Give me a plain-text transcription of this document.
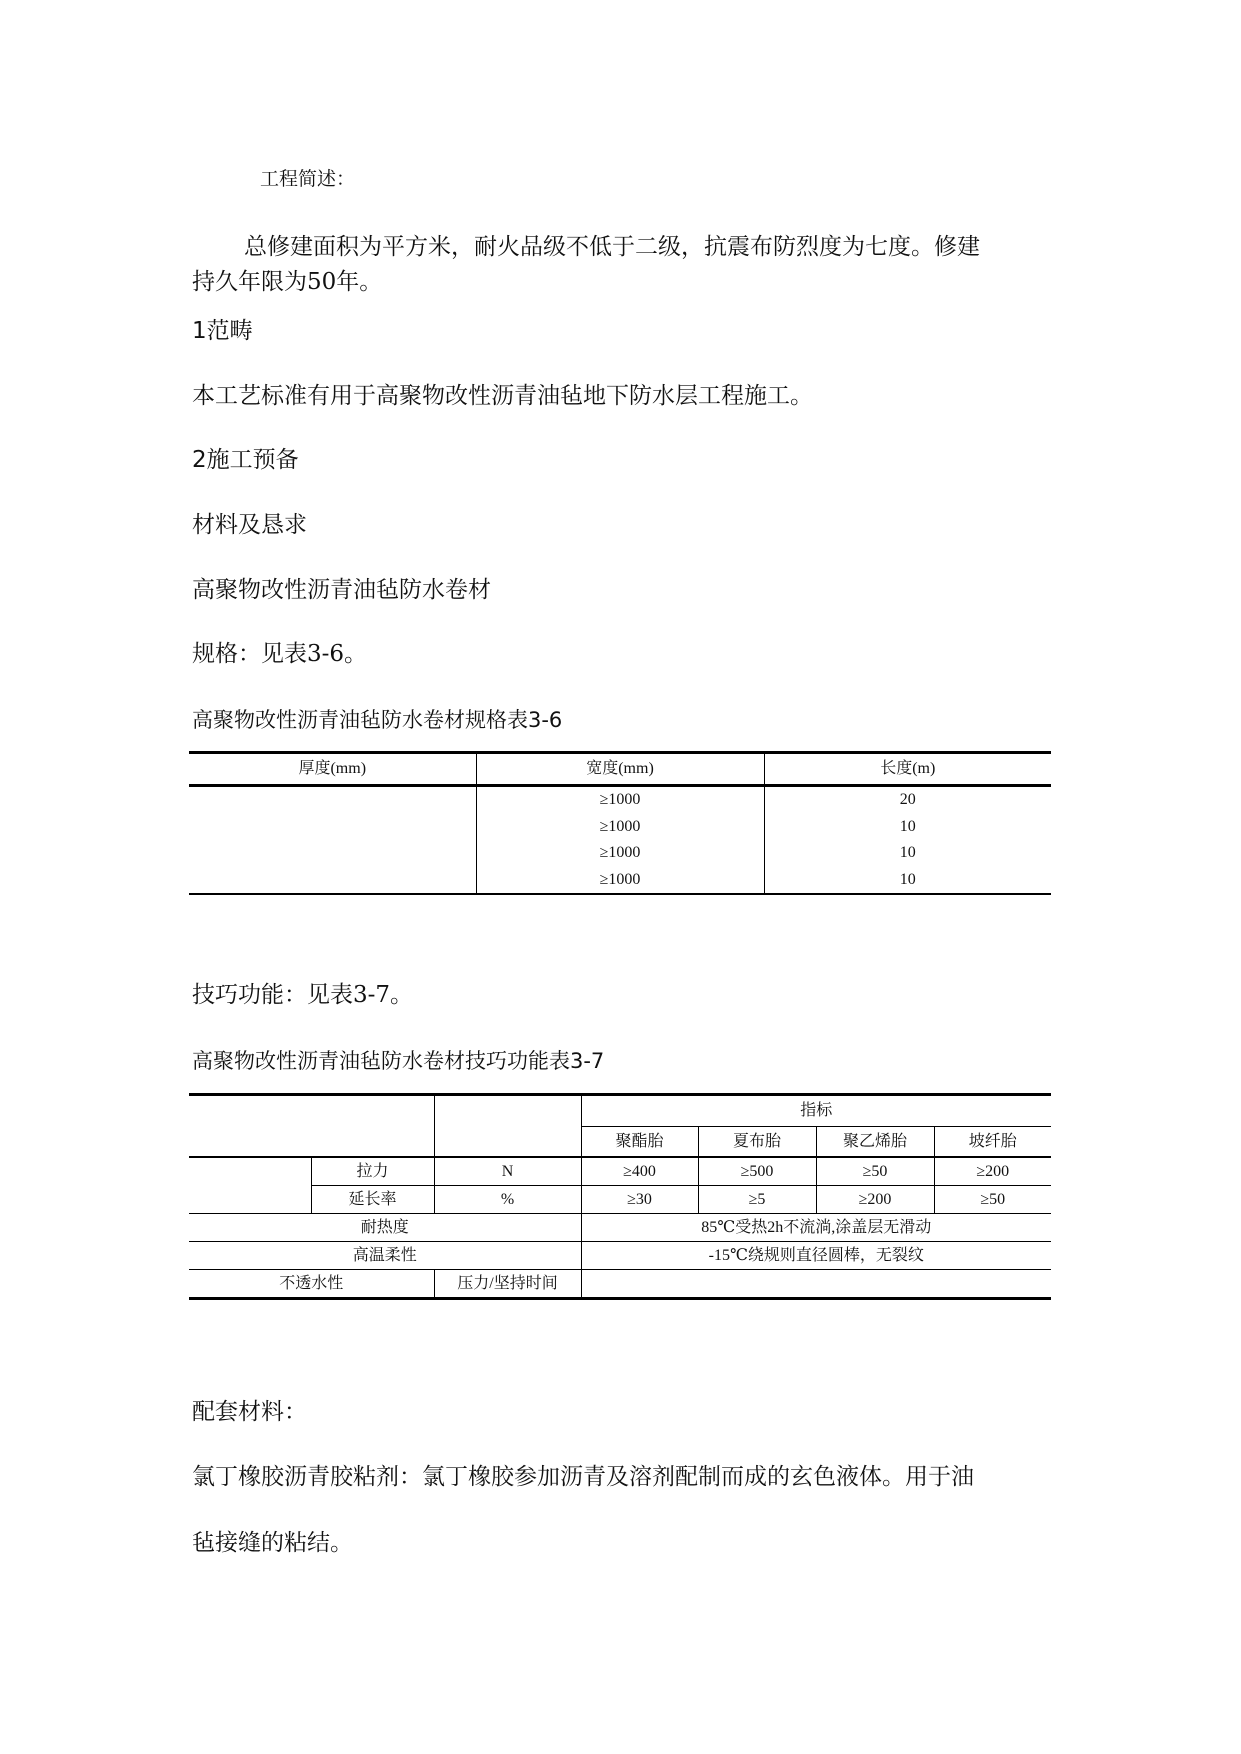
工程简述：

总修建面积为平方米，耐火品级不低于二级，抗震布防烈度为七度。修建

持久年限为50年。

1范畴

本工艺标准有用于高聚物改性沥青油毡地下防水层工程施工。

2施工预备

材料及恳求

高聚物改性沥青油毡防水卷材

规格：见表3-6。

高聚物改性沥青油毡防水卷材规格表3-6

厚度(mm)	宽度(mm)	长度(m)
	≥1000	20
	≥1000	10
	≥1000	10
	≥1000	10

技巧功能：见表3-7。

高聚物改性沥青油毡防水卷材技巧功能表3-7

			指标			
			聚酯胎	夏布胎	聚乙烯胎	坡纤胎
	拉力	N	≥400	≥500	≥50	≥200
	延长率	%	≥30	≥5	≥200	≥50
耐热度			85℃受热2h不流淌,涂盖层无滑动			
高温柔性			-15℃绕规则直径圆棒，无裂纹			
不透水性		压力/坚持时间				

配套材料：

氯丁橡胶沥青胶粘剂：氯丁橡胶参加沥青及溶剂配制而成的玄色液体。用于油

毡接缝的粘结。
